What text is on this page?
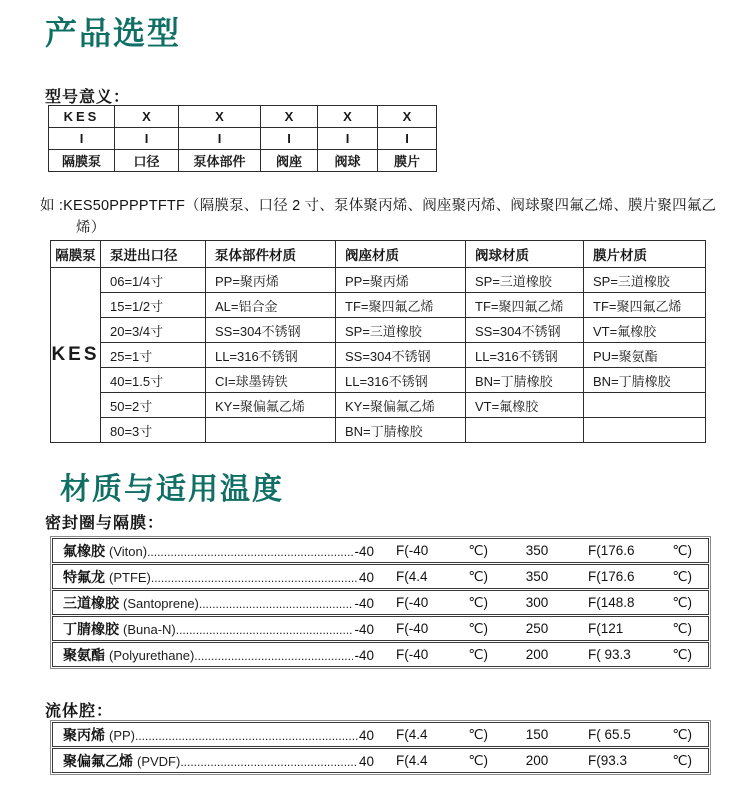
产品选型
型号意义：
KES	X	X	X	X	X
I	I	I	I	I	I
隔膜泵	口径	泵体部件	阀座	阀球	膜片

如 :KES50PPPPTFTF（隔膜泵、口径 2 寸、泵体聚丙烯、阀座聚丙烯、阀球聚四氟乙烯、膜片聚四氟乙烯）

隔膜泵	泵进出口径	泵体部件材质	阀座材质	阀球材质	膜片材质
KES	06=1/4寸	PP=聚丙烯	PP=聚丙烯	SP=三道橡胶	SP=三道橡胶
	15=1/2寸	AL=铝合金	TF=聚四氟乙烯	TF=聚四氟乙烯	TF=聚四氟乙烯
	20=3/4寸	SS=304不锈钢	SP=三道橡胶	SS=304不锈钢	VT=氟橡胶
	25=1寸	LL=316不锈钢	SS=304不锈钢	LL=316不锈钢	PU=聚氨酯
	40=1.5寸	CI=球墨铸铁	LL=316不锈钢	BN=丁腈橡胶	BN=丁腈橡胶
	50=2寸	KY=聚偏氟乙烯	KY=聚偏氟乙烯	VT=氟橡胶	
	80=3寸		BN=丁腈橡胶		
材质与适用温度
密封圈与隔膜：
氟橡胶 (Viton) .....	-40 F(-40	℃)	350	F(176.6	℃)
特氟龙 (PTFE) .....	40 F(4.4	℃)	350	F(176.6	℃)
三道橡胶 (Santoprene) .....	-40 F(-40	℃)	300	F(148.8	℃)
丁腈橡胶 (Buna-N) .....	-40 F(-40	℃)	250	F(121	℃)
聚氨酯 (Polyurethane) .....	-40 F(-40	℃)	200	F( 93.3	℃)
流体腔：
聚丙烯 (PP) .....	40 F(4.4	℃)	150	F( 65.5	℃)
聚偏氟乙烯 (PVDF) .....	40 F(4.4	℃)	200	F(93.3	℃)
